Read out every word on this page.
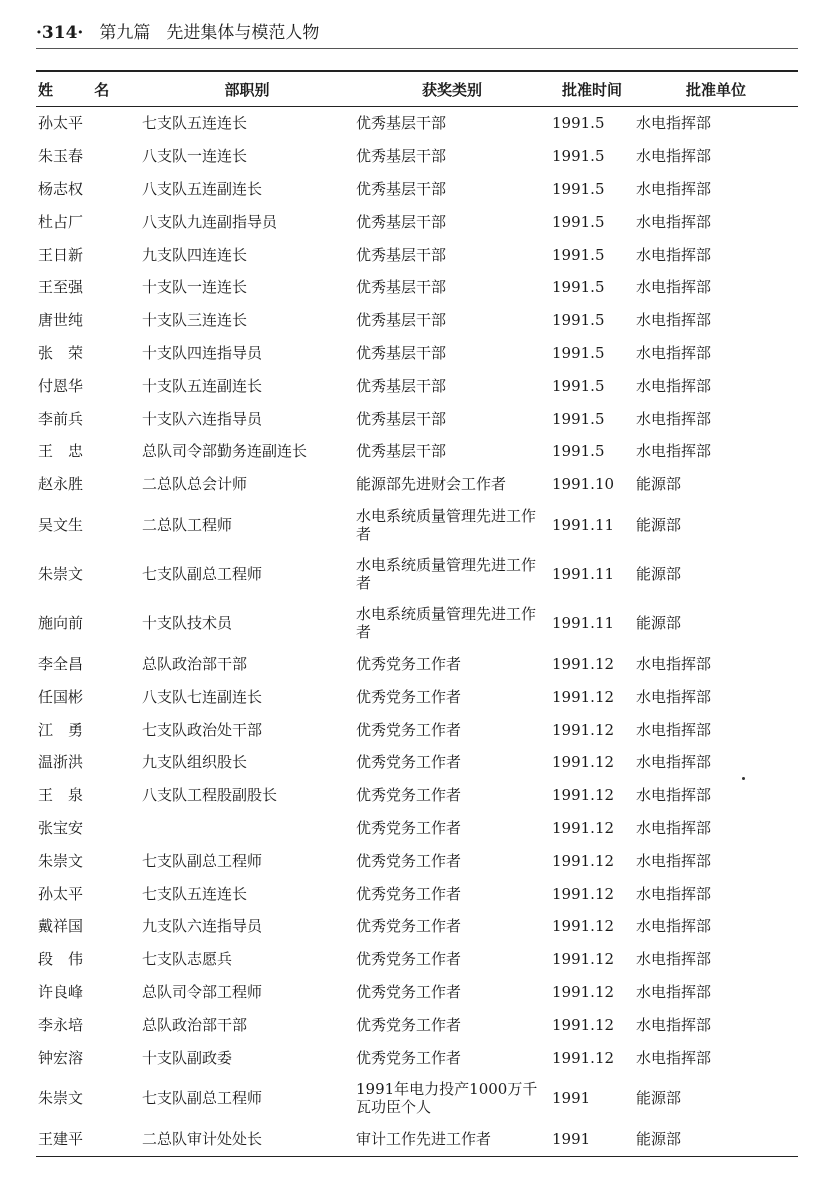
·314· 第九篇 先进集体与模范人物
姓 名	部职别	获奖类别	批准时间	批准单位
孙太平	七支队五连连长	优秀基层干部	1991.5	水电指挥部
朱玉春	八支队一连连长	优秀基层干部	1991.5	水电指挥部
杨志权	八支队五连副连长	优秀基层干部	1991.5	水电指挥部
杜占厂	八支队九连副指导员	优秀基层干部	1991.5	水电指挥部
王日新	九支队四连连长	优秀基层干部	1991.5	水电指挥部
王至强	十支队一连连长	优秀基层干部	1991.5	水电指挥部
唐世纯	十支队三连连长	优秀基层干部	1991.5	水电指挥部
张　荣	十支队四连指导员	优秀基层干部	1991.5	水电指挥部
付恩华	十支队五连副连长	优秀基层干部	1991.5	水电指挥部
李前兵	十支队六连指导员	优秀基层干部	1991.5	水电指挥部
王　忠	总队司令部勤务连副连长	优秀基层干部	1991.5	水电指挥部
赵永胜	二总队总会计师	能源部先进财会工作者	1991.10	能源部
吴文生	二总队工程师	水电系统质量管理先进工作者	1991.11	能源部
朱崇文	七支队副总工程师	水电系统质量管理先进工作者	1991.11	能源部
施向前	十支队技术员	水电系统质量管理先进工作者	1991.11	能源部
李全昌	总队政治部干部	优秀党务工作者	1991.12	水电指挥部
任国彬	八支队七连副连长	优秀党务工作者	1991.12	水电指挥部
江　勇	七支队政治处干部	优秀党务工作者	1991.12	水电指挥部
温浙洪	九支队组织股长	优秀党务工作者	1991.12	水电指挥部
王　泉	八支队工程股副股长	优秀党务工作者	1991.12	水电指挥部
张宝安		优秀党务工作者	1991.12	水电指挥部
朱崇文	七支队副总工程师	优秀党务工作者	1991.12	水电指挥部
孙太平	七支队五连连长	优秀党务工作者	1991.12	水电指挥部
戴祥国	九支队六连指导员	优秀党务工作者	1991.12	水电指挥部
段　伟	七支队志愿兵	优秀党务工作者	1991.12	水电指挥部
许良峰	总队司令部工程师	优秀党务工作者	1991.12	水电指挥部
李永培	总队政治部干部	优秀党务工作者	1991.12	水电指挥部
钟宏溶	十支队副政委	优秀党务工作者	1991.12	水电指挥部
朱崇文	七支队副总工程师	1991年电力投产1000万千瓦功臣个人	1991	能源部
王建平	二总队审计处处长	审计工作先进工作者	1991	能源部
